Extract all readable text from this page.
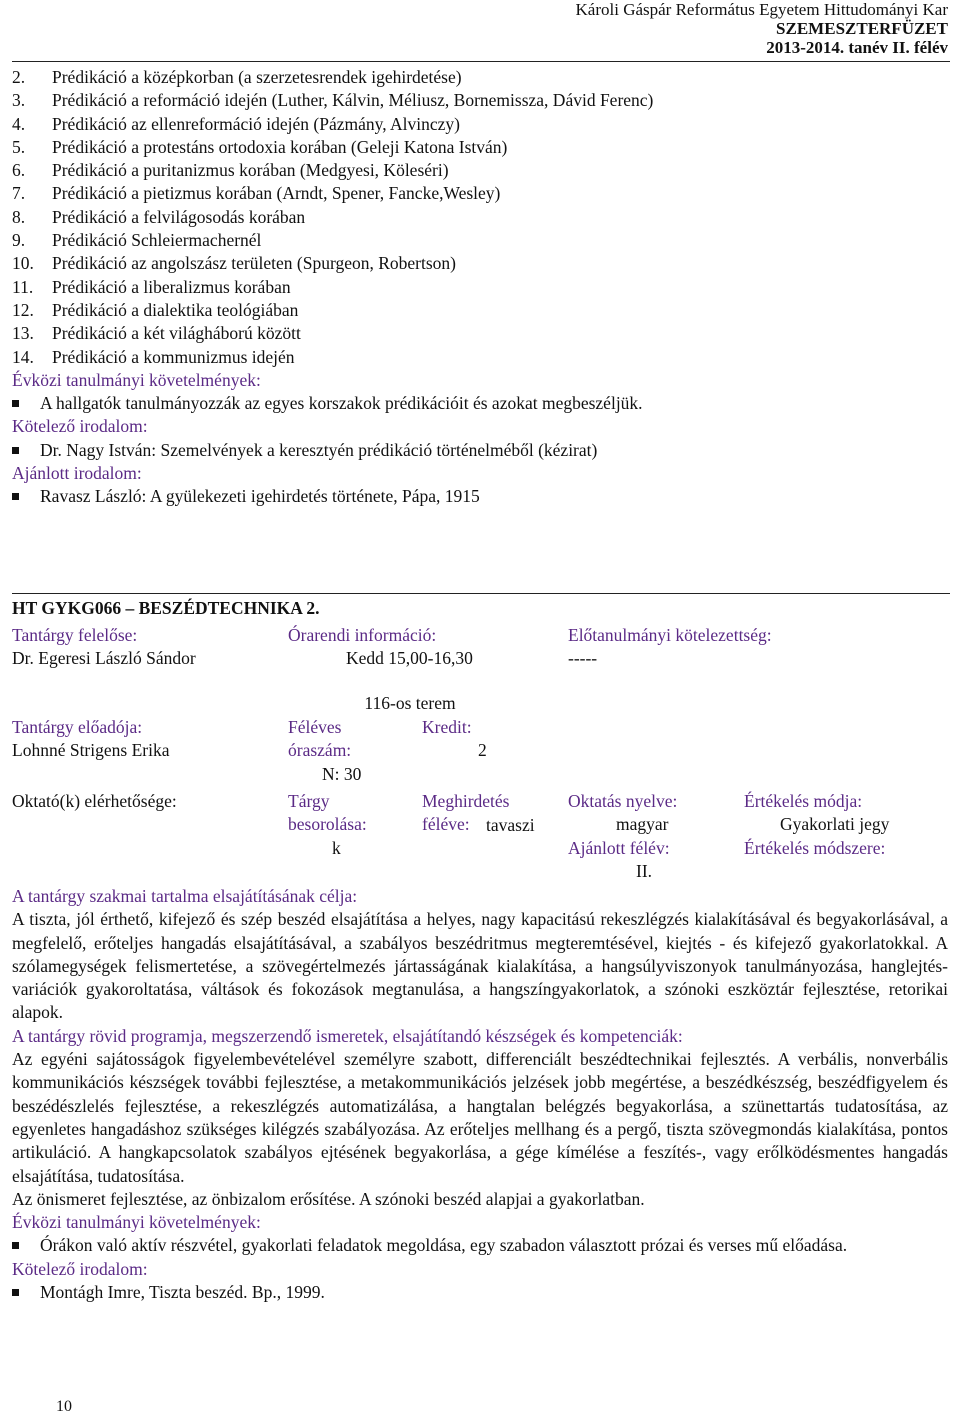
Károli Gáspár Református Egyetem Hittudományi Kar
SZEMESZTERFÜZET
2013-2014. tanév II. félév
2. Prédikáció a középkorban (a szerzetesrendek igehirdetése)
3. Prédikáció a reformáció idején (Luther, Kálvin, Méliusz, Bornemissza, Dávid Ferenc)
4. Prédikáció az ellenreformáció idején (Pázmány, Alvinczy)
5. Prédikáció a protestáns ortodoxia korában (Geleji Katona István)
6. Prédikáció a puritanizmus korában (Medgyesi, Köleséri)
7. Prédikáció a pietizmus korában (Arndt, Spener, Fancke,Wesley)
8. Prédikáció a felvilágosodás korában
9. Prédikáció Schleiermachernél
10. Prédikáció az angolszász területen (Spurgeon, Robertson)
11. Prédikáció a liberalizmus korában
12. Prédikáció a dialektika teológiában
13. Prédikáció a két világháború között
14. Prédikáció a kommunizmus idején
Évközi tanulmányi követelmények:
A hallgatók tanulmányozzák az egyes korszakok prédikációit és azokat megbeszéljük.
Kötelező irodalom:
Dr. Nagy István: Szemelvények a keresztyén prédikáció történelméből (kézirat)
Ajánlott irodalom:
Ravasz László: A gyülekezeti igehirdetés története, Pápa, 1915
HT GYKG066 – BESZÉDTECHNIKA 2.
Tantárgy felelőse:
Dr. Egeresi László Sándor
Órarendi információ:
Kedd 15,00-16,30
Előtanulmányi kötelezettség:
-----
116-os terem
Tantárgy előadója:
Lohnné Strigens Erika
Féléves
óraszám:
N: 30
Kredit:
2
Oktató(k) elérhetősége:	Tárgy
besorolása:
k
Meghirdetés
féléve: tavaszi
Oktatás nyelve:
magyar
Ajánlott félév:
II.
Értékelés módja:
Gyakorlati jegy
Értékelés módszere:
A tantárgy szakmai tartalma elsajátításának célja:
A tiszta, jól érthető, kifejező és szép beszéd elsajátítása a helyes, nagy kapacitású rekeszlégzés kialakításával és begyakorlásával, a megfelelő, erőteljes hangadás elsajátításával, a szabályos beszédritmus megteremtésével, kiejtés - és kifejező gyakorlatokkal. A szólamegységek felismertetése, a szövegértelmezés jártasságának kialakítása, a hangsúlyviszonyok tanulmányozása, hanglejtés-variációk gyakoroltatása, váltások és fokozások megtanulása, a hangszíngyakorlatok, a szónoki eszköztár fejlesztése, retorikai alapok.
A tantárgy rövid programja, megszerzendő ismeretek, elsajátítandó készségek és kompetenciák:
Az egyéni sajátosságok figyelembevételével személyre szabott, differenciált beszédtechnikai fejlesztés. A verbális, nonverbális kommunikációs készségek további fejlesztése, a metakommunikációs jelzések jobb megértése, a beszédkészség, beszédfigyelem és beszédészlelés fejlesztése, a rekeszlégzés automatizálása, a hangtalan belégzés begyakorlása, a szünettartás tudatosítása, az egyenletes hangadáshoz szükséges kilégzés szabályozása. Az erőteljes mellhang és a pergő, tiszta szövegmondás kialakítása, pontos artikuláció. A hangkapcsolatok szabályos ejtésének begyakorlása, a gége kímélése a feszítés-, vagy erőlködésmentes hangadás elsajátítása, tudatosítása.
Az önismeret fejlesztése, az önbizalom erősítése. A szónoki beszéd alapjai a gyakorlatban.
Évközi tanulmányi követelmények:
Órákon való aktív részvétel, gyakorlati feladatok megoldása, egy szabadon választott prózai és verses mű előadása.
Kötelező irodalom:
Montágh Imre, Tiszta beszéd. Bp., 1999.
10
